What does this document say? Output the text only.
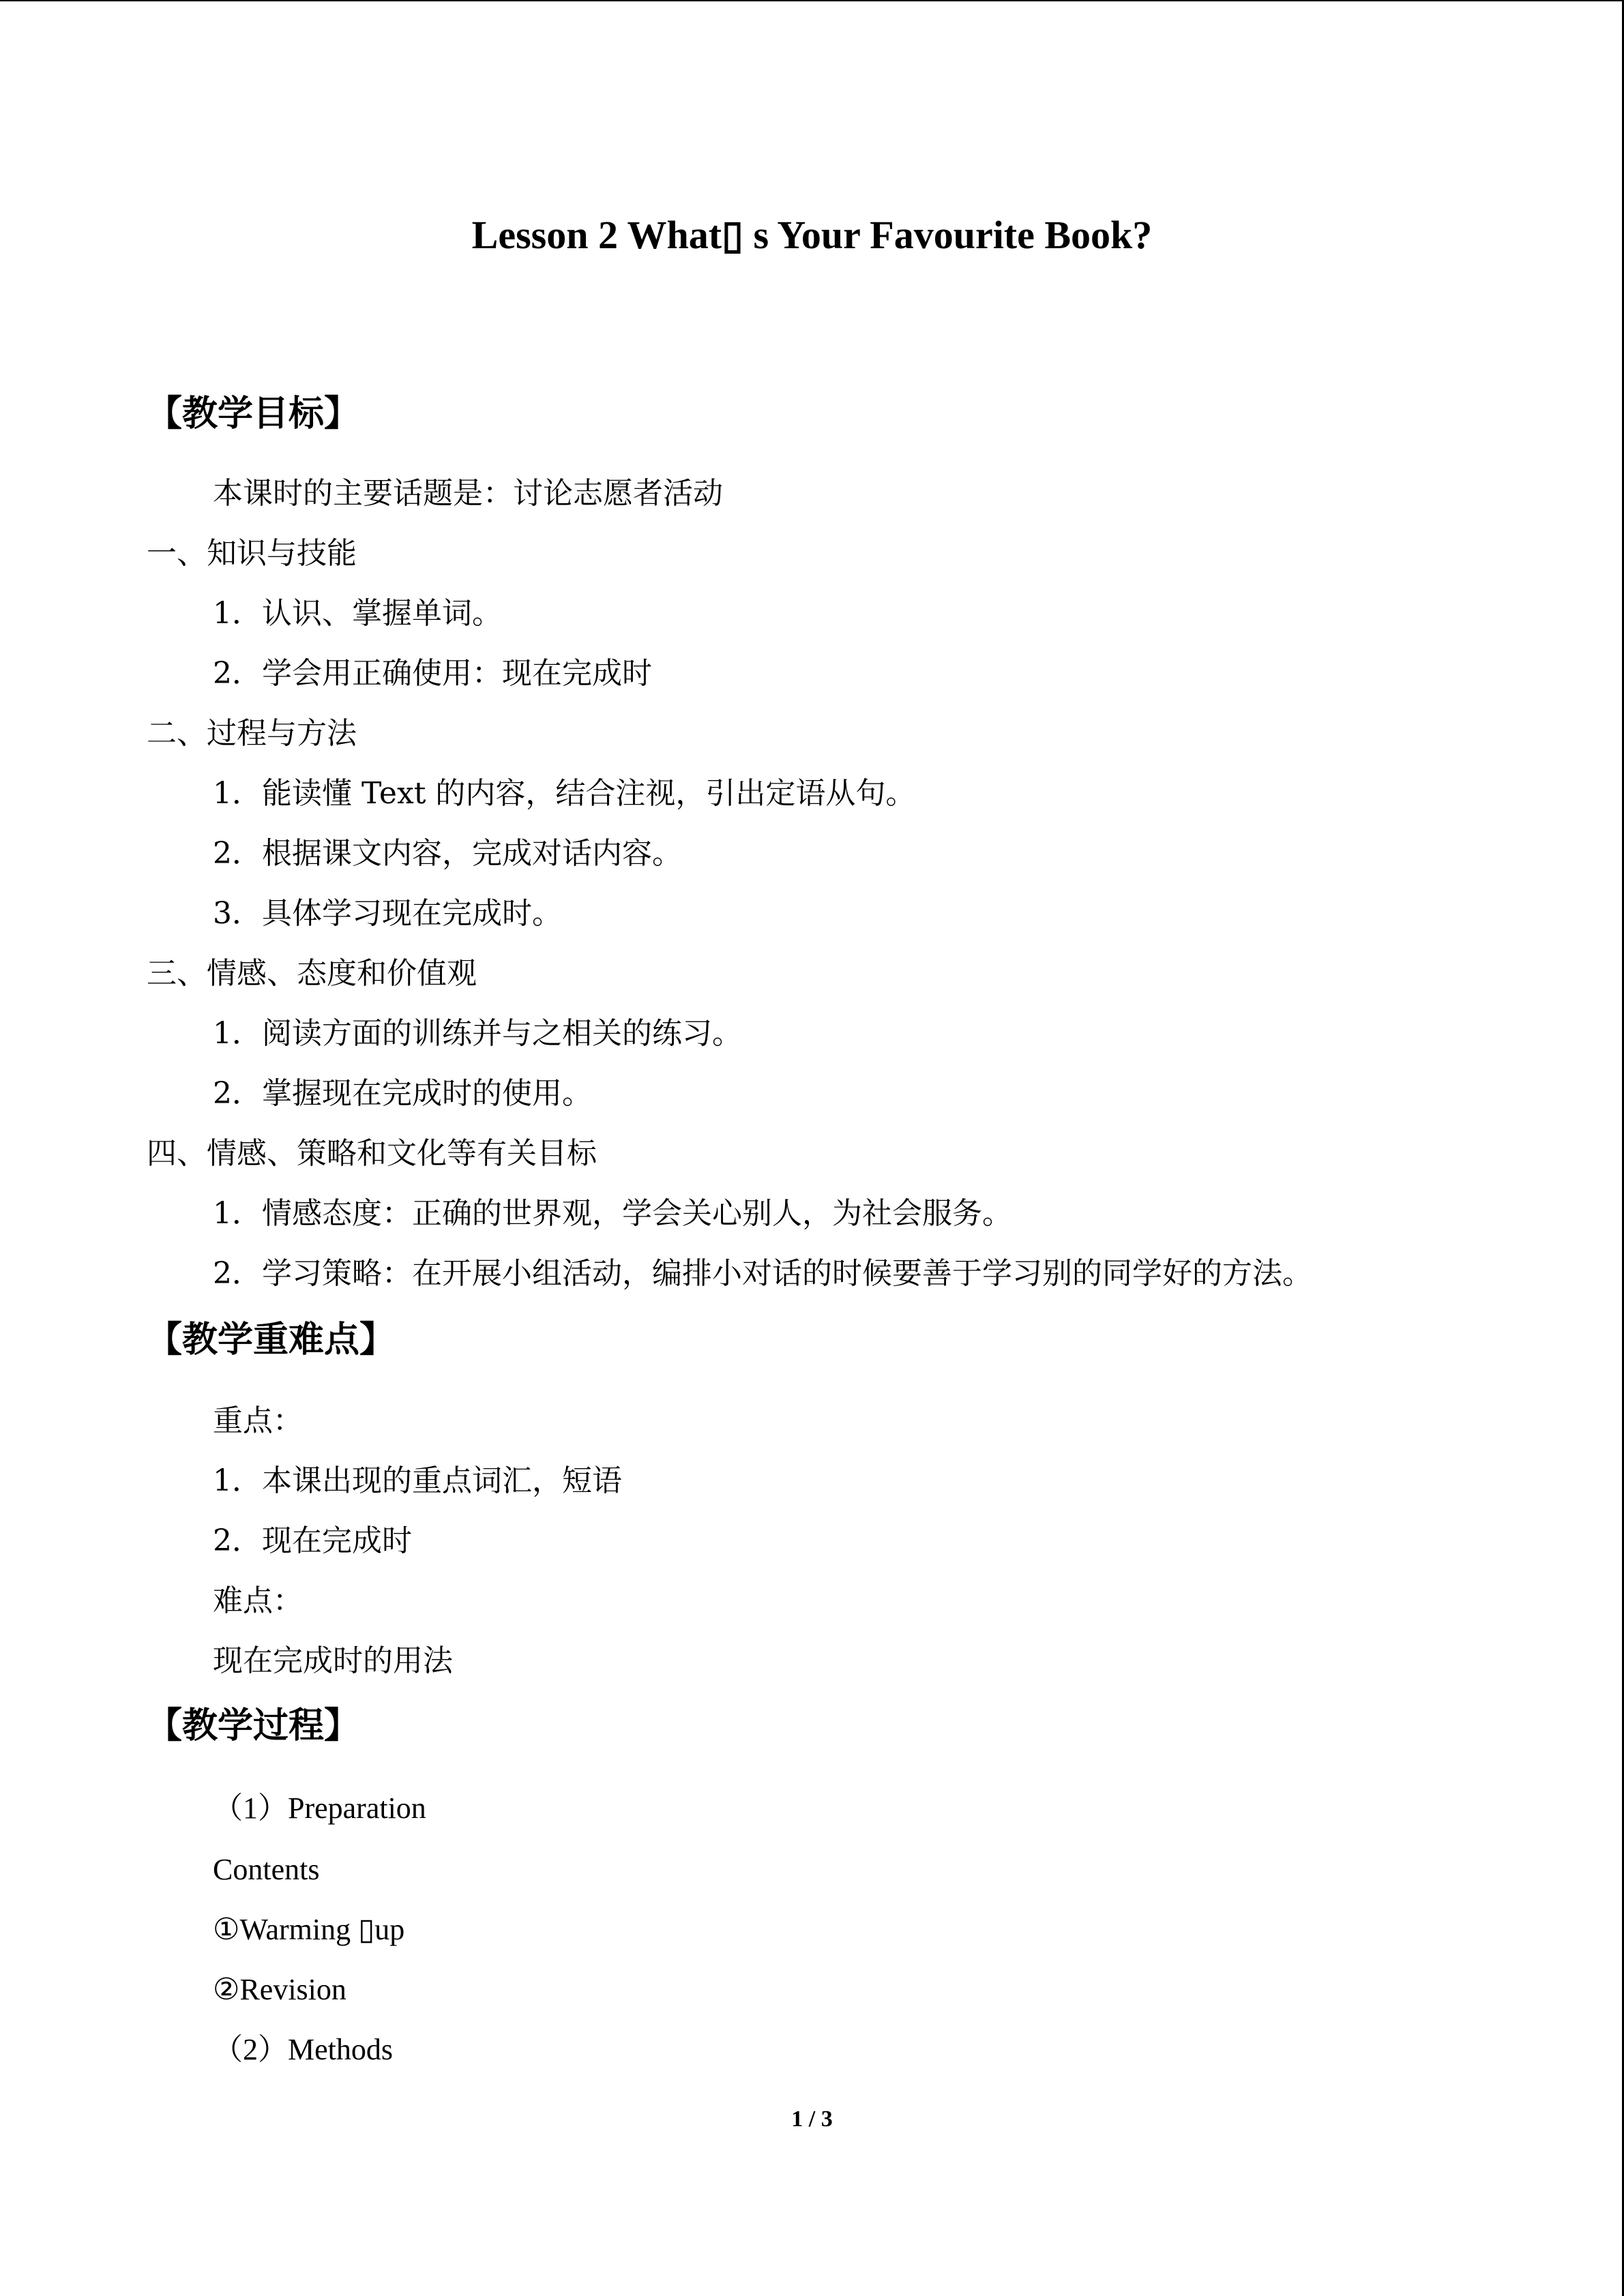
Lesson 2 What▯ s Your Favourite Book?
【教学目标】
本课时的主要话题是：讨论志愿者活动
一、知识与技能
1．认识、掌握单词。
2．学会用正确使用：现在完成时
二、过程与方法
1．能读懂 Text 的内容，结合注视，引出定语从句。
2．根据课文内容，完成对话内容。
3．具体学习现在完成时。
三、情感、态度和价值观
1．阅读方面的训练并与之相关的练习。
2．掌握现在完成时的使用。
四、情感、策略和文化等有关目标
1．情感态度：正确的世界观，学会关心别人，为社会服务。
2．学习策略：在开展小组活动，编排小对话的时候要善于学习别的同学好的方法。
【教学重难点】
重点：
1．本课出现的重点词汇，短语
2．现在完成时
难点：
现在完成时的用法
【教学过程】
（1）Preparation
Contents
①Warming ▯up
②Revision
（2）Methods
1 / 3
